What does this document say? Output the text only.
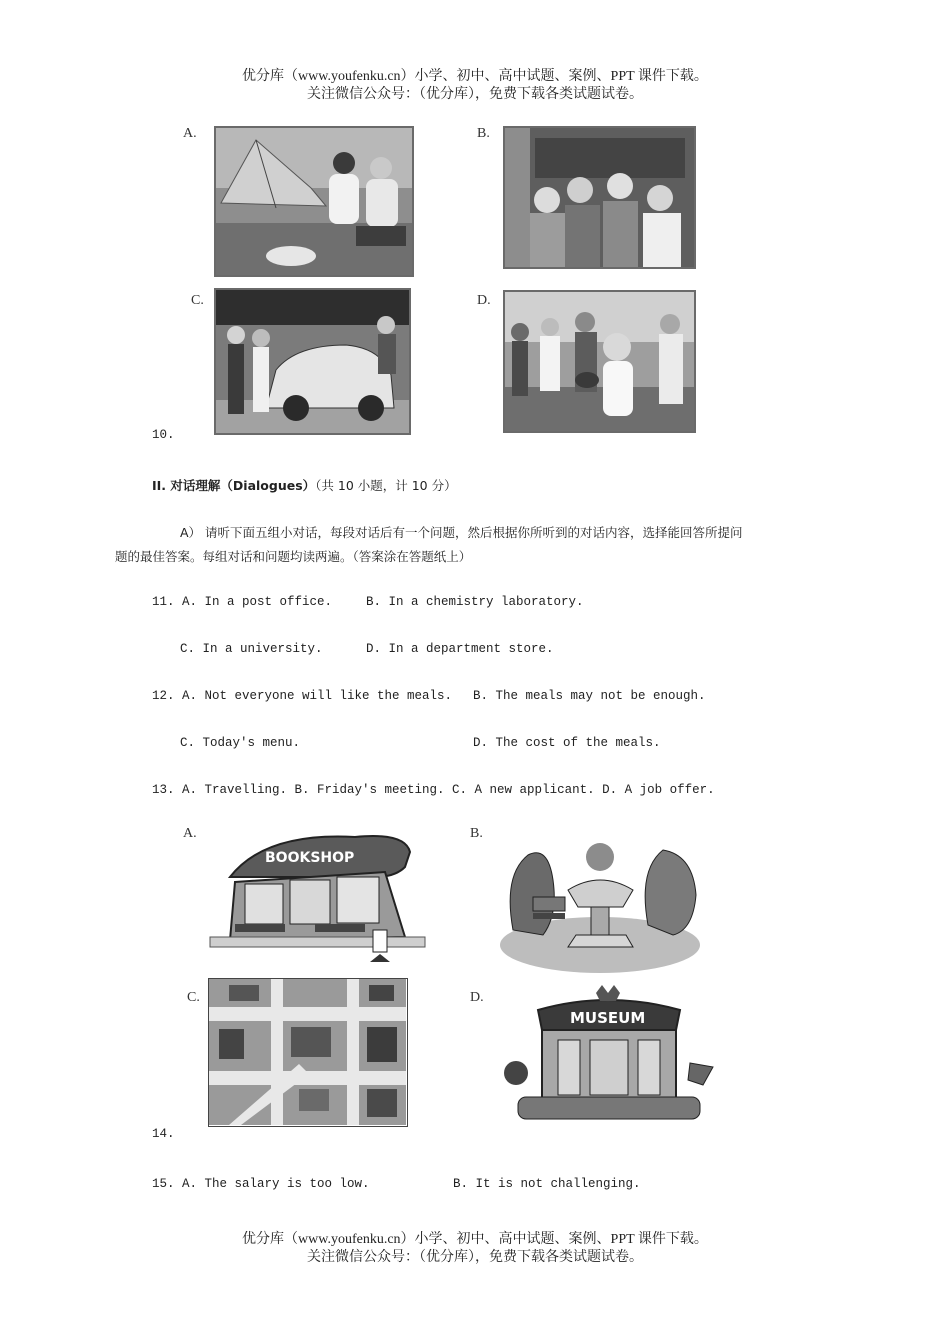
优分库（www.youfenku.cn）小学、初中、高中试题、案例、PPT 课件下载。
关注微信公众号：（优分库），免费下载各类试题试卷。
A.	B.
C.	D.
10.
II. 对话理解（Dialogues）（共 10 小题，计 10 分）
A） 请听下面五组小对话，每段对话后有一个问题，然后根据你所听到的对话内容，选择能回答所提问
题的最佳答案。每组对话和问题均读两遍。（答案涂在答题纸上）
11. A. In a post office.	B. In a chemistry laboratory.
C. In a university.	D. In a department store.
12. A. Not everyone will like the meals. B. The meals may not be enough.
C. Today's menu.	D. The cost of the meals.
13. A. Travelling. B. Friday's meeting. C. A new applicant. D. A job offer.
A.
BOOKSHOP
B.
C.	D.
MUSEUM
14.
15. A. The salary is too low.	B. It is not challenging.
优分库（www.youfenku.cn）小学、初中、高中试题、案例、PPT 课件下载。
关注微信公众号：（优分库），免费下载各类试题试卷。
